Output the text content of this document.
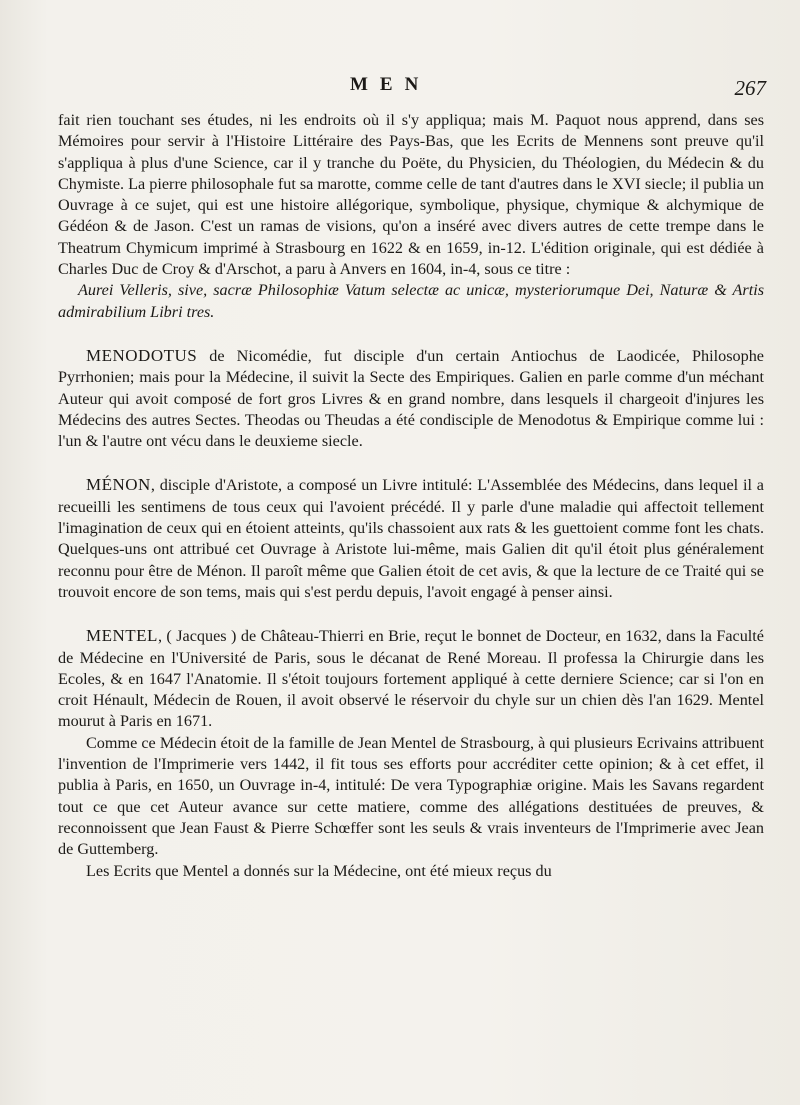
MEN	267

fait rien touchant ses études, ni les endroits où il s'y appliqua; mais M. Paquot nous apprend, dans ses Mémoires pour servir à l'Histoire Littéraire des Pays-Bas, que les Ecrits de Mennens sont preuve qu'il s'appliqua à plus d'une Science, car il y tranche du Poëte, du Physicien, du Théologien, du Médecin & du Chymiste. La pierre philosophale fut sa marotte, comme celle de tant d'autres dans le XVI siecle; il publia un Ouvrage à ce sujet, qui est une histoire allégorique, symbolique, physique, chymique & alchymique de Gédéon & de Jason. C'est un ramas de visions, qu'on a inséré avec divers autres de cette trempe dans le Theatrum Chymicum imprimé à Strasbourg en 1622 & en 1659, in-12. L'édition originale, qui est dédiée à Charles Duc de Croy & d'Arschot, a paru à Anvers en 1604, in-4, sous ce titre :

Aurei Velleris, sive, sacræ Philosophiæ Vatum selectæ ac unicæ, mysteriorumque Dei, Naturæ & Artis admirabilium Libri tres.

MENODOTUS de Nicomédie, fut disciple d'un certain Antiochus de Laodicée, Philosophe Pyrrhonien; mais pour la Médecine, il suivit la Secte des Empiriques. Galien en parle comme d'un méchant Auteur qui avoit composé de fort gros Livres & en grand nombre, dans lesquels il chargeoit d'injures les Médecins des autres Sectes. Theodas ou Theudas a été condisciple de Menodotus & Empirique comme lui : l'un & l'autre ont vécu dans le deuxieme siecle.

MÉNON, disciple d'Aristote, a composé un Livre intitulé: L'Assemblée des Médecins, dans lequel il a recueilli les sentimens de tous ceux qui l'avoient précédé. Il y parle d'une maladie qui affectoit tellement l'imagination de ceux qui en étoient atteints, qu'ils chassoient aux rats & les guettoient comme font les chats. Quelques-uns ont attribué cet Ouvrage à Aristote lui-même, mais Galien dit qu'il étoit plus généralement reconnu pour être de Ménon. Il paroît même que Galien étoit de cet avis, & que la lecture de ce Traité qui se trouvoit encore de son tems, mais qui s'est perdu depuis, l'avoit engagé à penser ainsi.

MENTEL, ( Jacques ) de Château-Thierri en Brie, reçut le bonnet de Docteur, en 1632, dans la Faculté de Médecine en l'Université de Paris, sous le décanat de René Moreau. Il professa la Chirurgie dans les Ecoles, & en 1647 l'Anatomie. Il s'étoit toujours fortement appliqué à cette derniere Science; car si l'on en croit Hénault, Médecin de Rouen, il avoit observé le réservoir du chyle sur un chien dès l'an 1629. Mentel mourut à Paris en 1671.

Comme ce Médecin étoit de la famille de Jean Mentel de Strasbourg, à qui plusieurs Ecrivains attribuent l'invention de l'Imprimerie vers 1442, il fit tous ses efforts pour accréditer cette opinion; & à cet effet, il publia à Paris, en 1650, un Ouvrage in-4, intitulé: De vera Typographiæ origine. Mais les Savans regardent tout ce que cet Auteur avance sur cette matiere, comme des allégations destituées de preuves, & reconnoissent que Jean Faust & Pierre Schœffer sont les seuls & vrais inventeurs de l'Imprimerie avec Jean de Guttemberg.

Les Ecrits que Mentel a donnés sur la Médecine, ont été mieux reçus du
